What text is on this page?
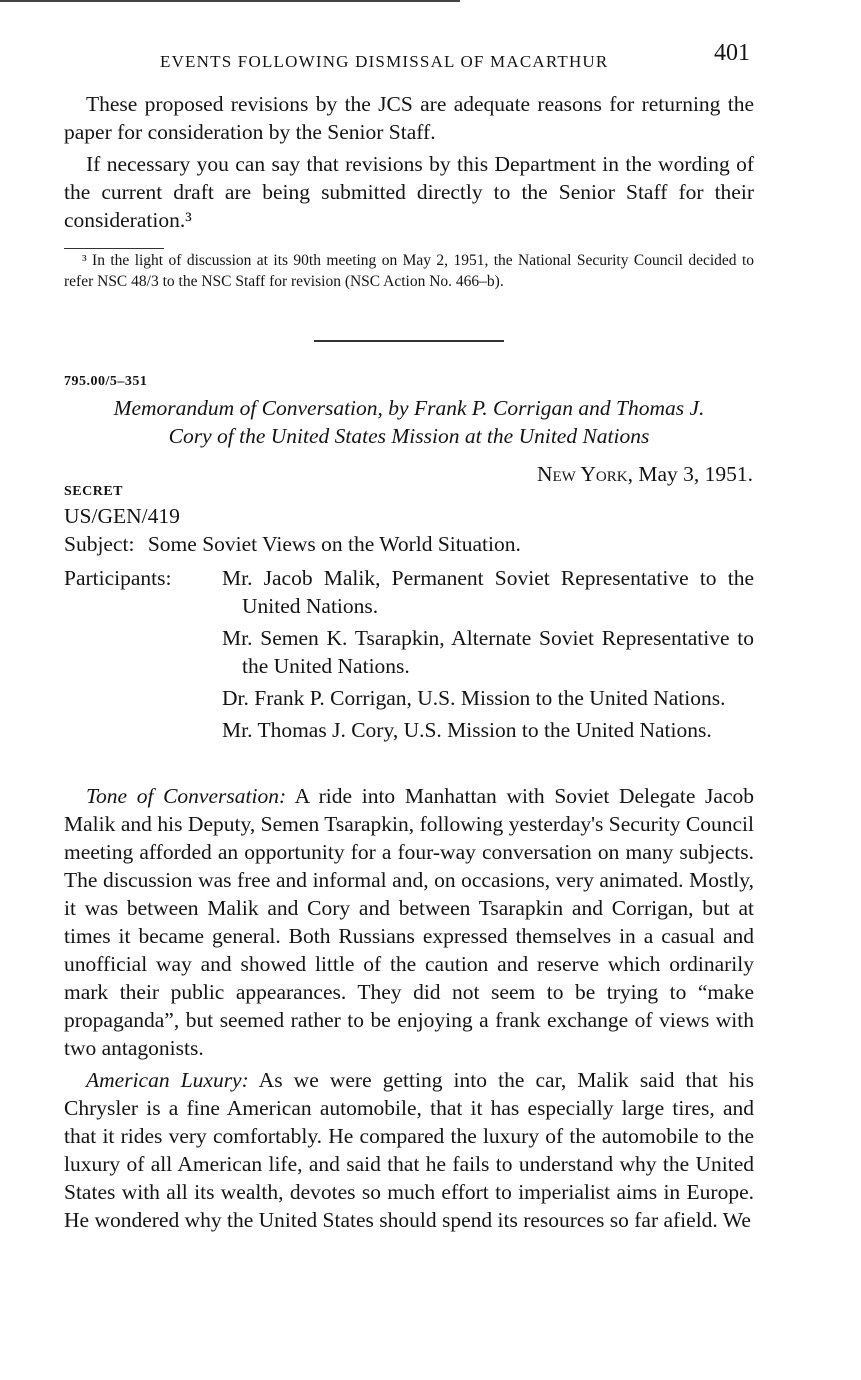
EVENTS FOLLOWING DISMISSAL OF MACARTHUR	401

These proposed revisions by the JCS are adequate reasons for returning the paper for consideration by the Senior Staff.

If necessary you can say that revisions by this Department in the wording of the current draft are being submitted directly to the Senior Staff for their consideration.³

³ In the light of discussion at its 90th meeting on May 2, 1951, the National Security Council decided to refer NSC 48/3 to the NSC Staff for revision (NSC Action No. 466–b).
795.00/5–351
Memorandum of Conversation, by Frank P. Corrigan and Thomas J.
Cory of the United States Mission at the United Nations
New York, May 3, 1951.
SECRET
US/GEN/419
Subject: Some Soviet Views on the World Situation.
Participants:	Mr. Jacob Malik, Permanent Soviet Representative to the United Nations.
Mr. Semen K. Tsarapkin, Alternate Soviet Representative to the United Nations.
Dr. Frank P. Corrigan, U.S. Mission to the United Nations.
Mr. Thomas J. Cory, U.S. Mission to the United Nations.

Tone of Conversation: A ride into Manhattan with Soviet Delegate Jacob Malik and his Deputy, Semen Tsarapkin, following yesterday's Security Council meeting afforded an opportunity for a four-way conversation on many subjects. The discussion was free and informal and, on occasions, very animated. Mostly, it was between Malik and Cory and between Tsarapkin and Corrigan, but at times it became general. Both Russians expressed themselves in a casual and unofficial way and showed little of the caution and reserve which ordinarily mark their public appearances. They did not seem to be trying to “make propaganda”, but seemed rather to be enjoying a frank exchange of views with two antagonists.

American Luxury: As we were getting into the car, Malik said that his Chrysler is a fine American automobile, that it has especially large tires, and that it rides very comfortably. He compared the luxury of the automobile to the luxury of all American life, and said that he fails to understand why the United States with all its wealth, devotes so much effort to imperialist aims in Europe. He wondered why the United States should spend its resources so far afield. We
